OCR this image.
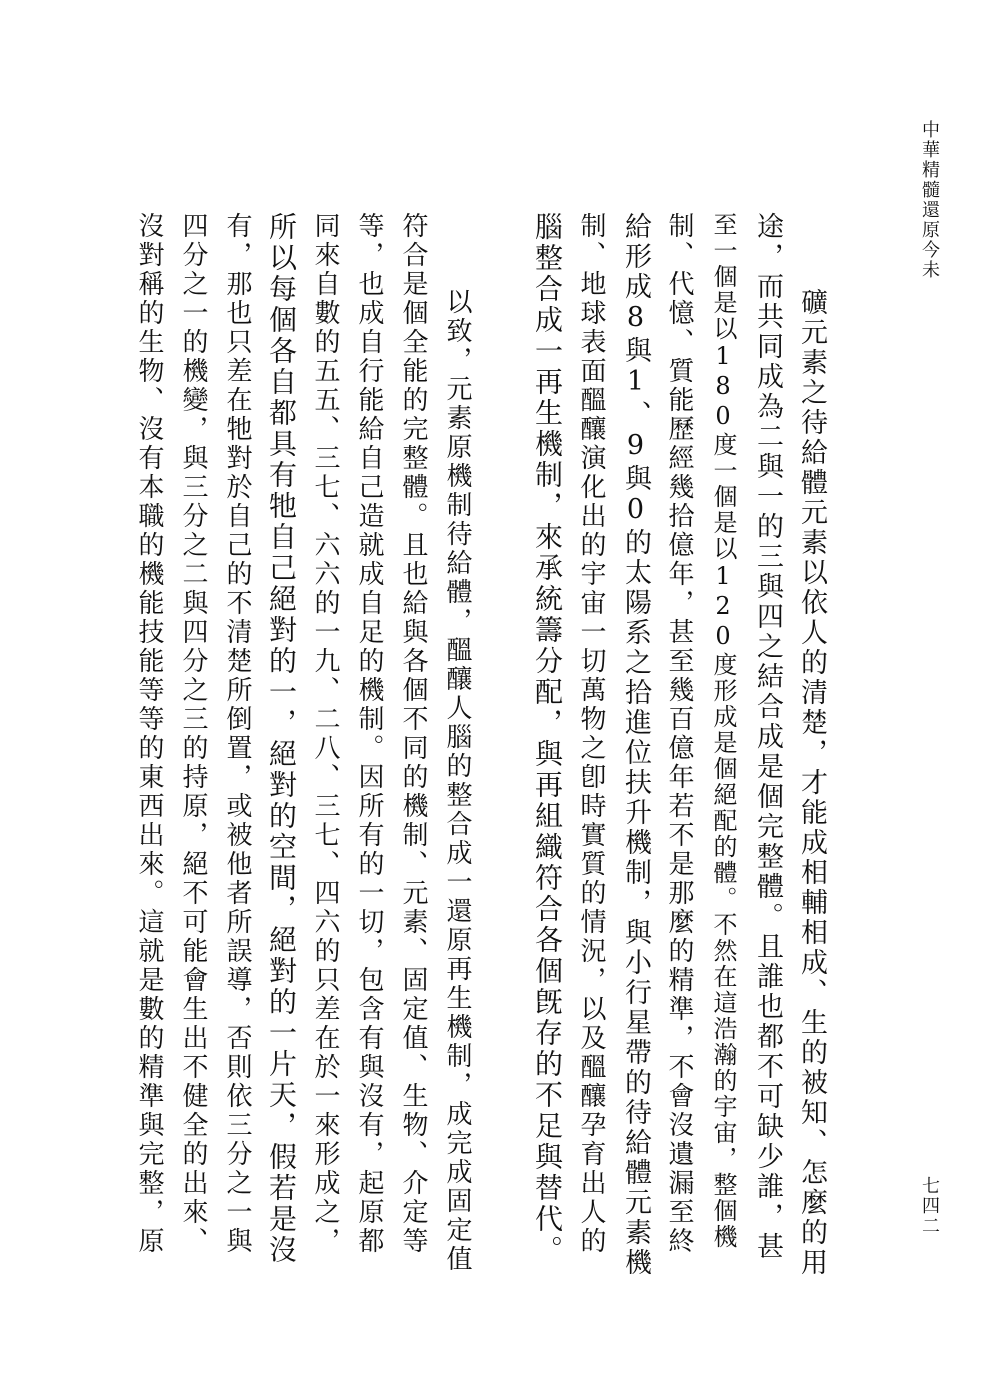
中華精髓還原今未
七四二
礦元素之待給體元素以依人的清楚，才能成相輔相成、生的被知、怎麼的用
途，而共同成為二與一的三與四之結合成是個完整體。且誰也都不可缺少誰，甚
至一個是以180度一個是以120度形成是個絕配的體。不然在這浩瀚的宇宙，整個機
制、代憶、質能歷經幾拾億年，甚至幾百億年若不是那麼的精準，不會沒遺漏至終
給形成8與1、9與0的太陽系之拾進位扶升機制，與小行星帶的待給體元素機
制、地球表面醞釀演化出的宇宙一切萬物之卽時實質的情況，以及醞釀孕育出人的
腦整合成一再生機制，來承統籌分配，與再組織符合各個旣存的不足與替代。
以致，元素原機制待給體，醞釀人腦的整合成一還原再生機制，成完成固定值
符合是個全能的完整體。且也給與各個不同的機制、元素、固定值、生物、介定等
等，也成自行能給自己造就成自足的機制。因所有的一切，包含有與沒有，起原都
同來自數的五五、三七、六六的一九、二八、三七、四六的只差在於一來形成之，
所以每個各自都具有牠自己絕對的一，絕對的空間，絕對的一片天，假若是沒
有，那也只差在牠對於自己的不清楚所倒置，或被他者所誤導，否則依三分之一與
四分之一的機變，與三分之二與四分之三的持原，絕不可能會生出不健全的出來、
沒對稱的生物、沒有本職的機能技能等等的東西出來。這就是數的精準與完整，原
